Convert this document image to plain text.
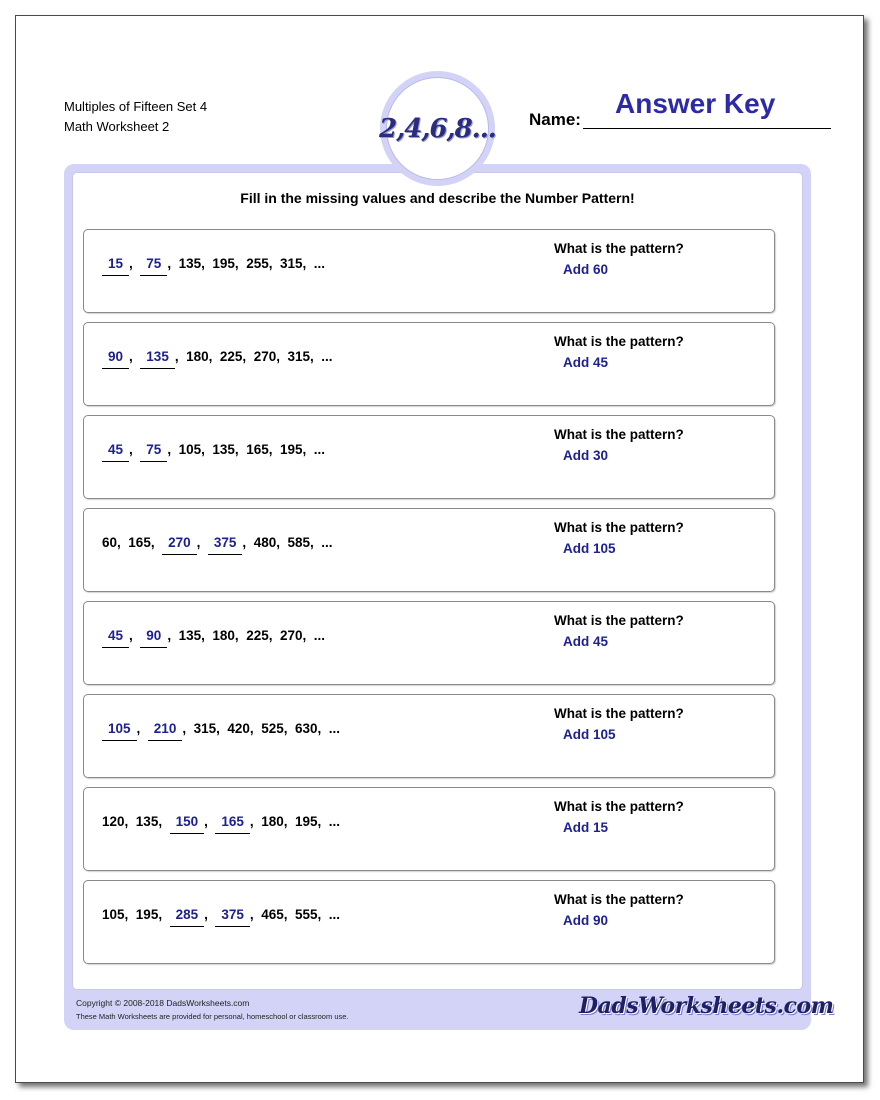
Multiples of Fifteen Set 4
Math Worksheet 2	2,4,6,8... Name:
Answer Key
Fill in the missing values and describe the Number Pattern!
15 ,  75 ,  135,  195,  255,  315,  ...
What is the pattern?
Add 60
90 ,  135 ,  180,  225,  270,  315,  ...
What is the pattern?
Add 45
45 ,  75 ,  105,  135,  165,  195,  ...
What is the pattern?
Add 30
60,  165,  270 ,  375 ,  480,  585,  ...
What is the pattern?
Add 105
45 ,  90 ,  135,  180,  225,  270,  ...
What is the pattern?
Add 45
105 ,  210 ,  315,  420,  525,  630,  ...
What is the pattern?
Add 105
120,  135,  150 ,  165 ,  180,  195,  ...
What is the pattern?
Add 15
105,  195,  285 ,  375 ,  465,  555,  ...
What is the pattern?
Add 90
Copyright © 2008-2018 DadsWorksheets.com
These Math Worksheets are provided for personal, homeschool or classroom use.	DadsWorksheets.com
